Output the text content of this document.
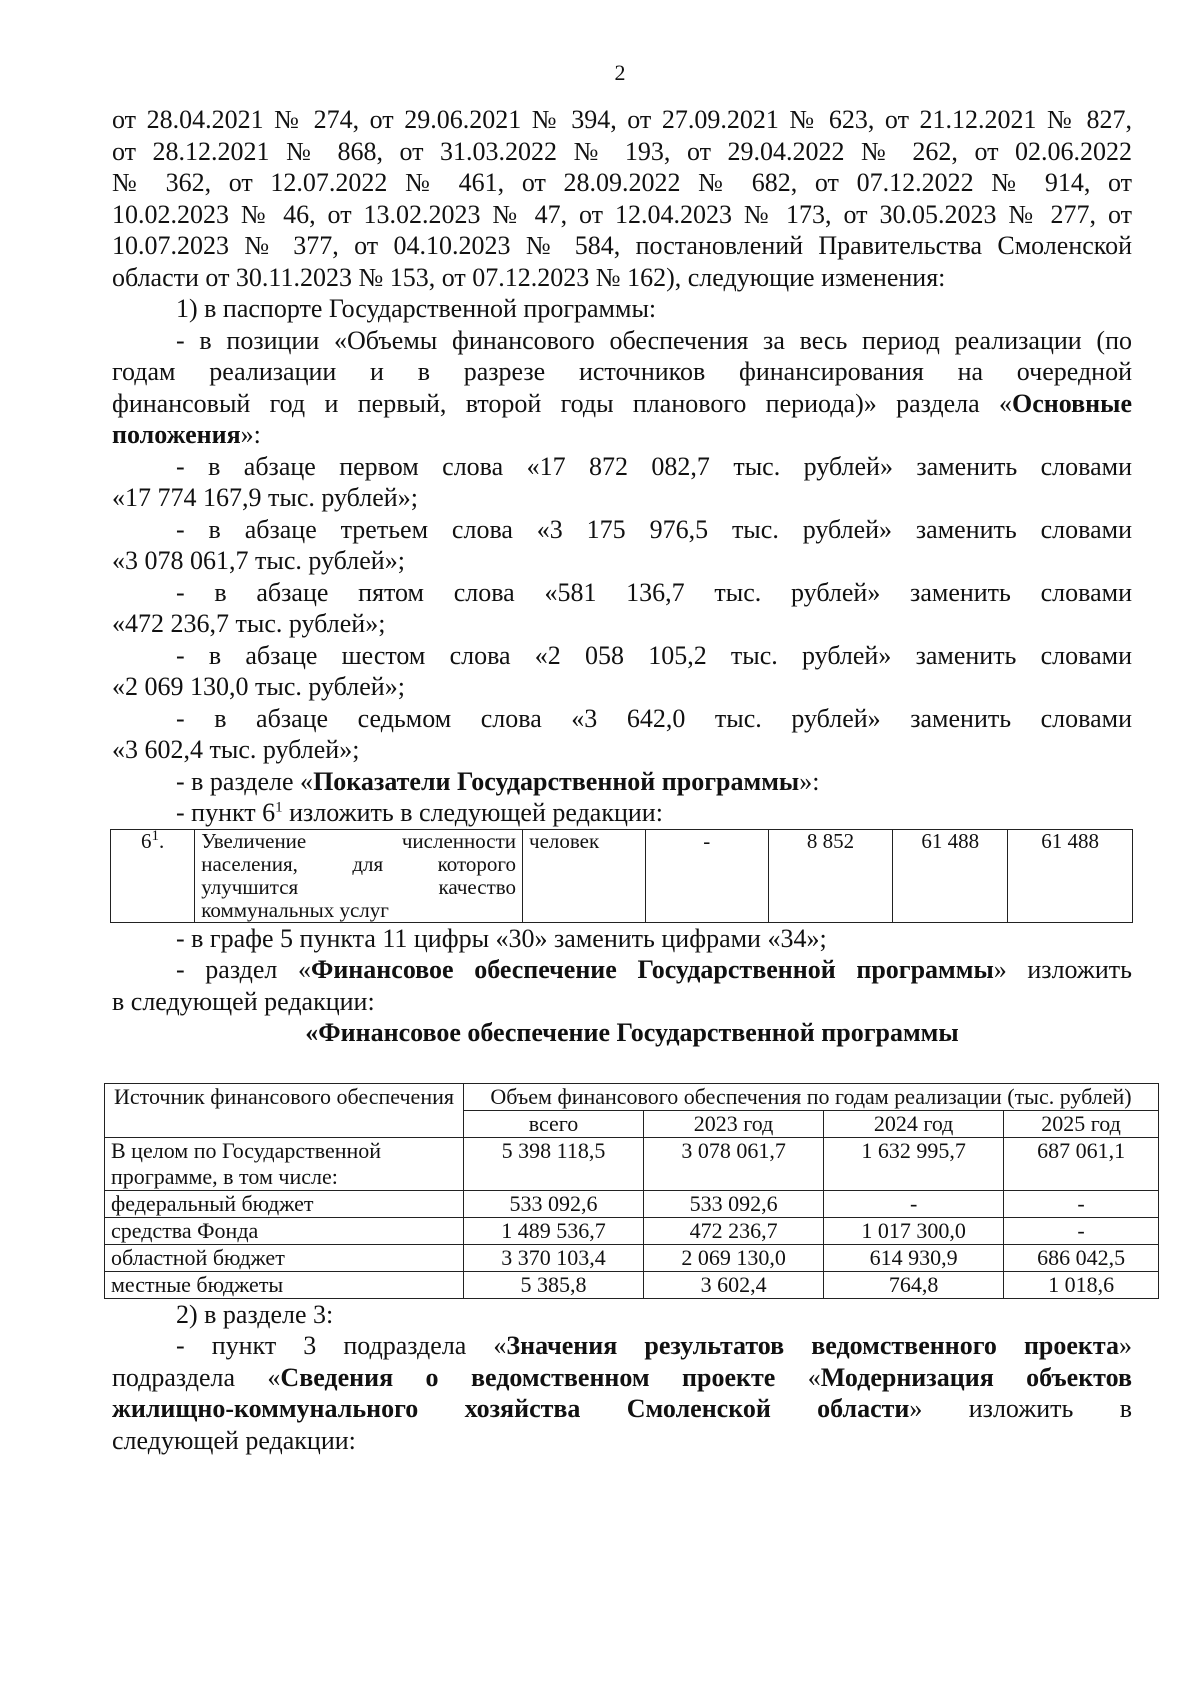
2

от 28.04.2021 № 274, от 29.06.2021 № 394, от 27.09.2021 № 623, от 21.12.2021 № 827,

от 28.12.2021 № 868, от 31.03.2022 № 193, от 29.04.2022 № 262, от 02.06.2022

№ 362, от 12.07.2022 № 461, от 28.09.2022 № 682, от 07.12.2022 № 914, от

10.02.2023 № 46, от 13.02.2023 № 47, от 12.04.2023 № 173, от 30.05.2023 № 277, от

10.07.2023 № 377, от 04.10.2023 № 584, постановлений Правительства Смоленской

области от 30.11.2023 № 153, от 07.12.2023 № 162), следующие изменения:

1) в паспорте Государственной программы:

- в позиции «Объемы финансового обеспечения за весь период реализации (по

годам реализации и в разрезе источников финансирования на очередной

финансовый год и первый, второй годы планового периода)» раздела «Основные

положения»:

- в абзаце первом слова «17 872 082,7 тыс. рублей» заменить словами

«17 774 167,9 тыс. рублей»;

- в абзаце третьем слова «3 175 976,5 тыс. рублей» заменить словами

«3 078 061,7 тыс. рублей»;

- в абзаце пятом слова «581 136,7 тыс. рублей» заменить словами

«472 236,7 тыс. рублей»;

- в абзаце шестом слова «2 058 105,2 тыс. рублей» заменить словами

«2 069 130,0 тыс. рублей»;

- в абзаце седьмом слова «3 642,0 тыс. рублей» заменить словами

«3 602,4 тыс. рублей»;

- в разделе «Показатели Государственной программы»:

- пункт $6^1$ изложить в следующей редакции:

$6^1$.	Увеличение численности
населения, для которого
улучшится качество
коммунальных услуг
	человек	-	8 852	61 488	61 488

- в графе 5 пункта 11 цифры «30» заменить цифрами «34»;

- раздел «Финансовое обеспечение Государственной программы» изложить

в следующей редакции:

«Финансовое обеспечение Государственной программы

Источник финансового обеспечения	Объем финансового обеспечения по годам реализации (тыс. рублей)			
	всего	2023 год	2024 год	2025 год
В целом по Государственной программе, в том числе:	5 398 118,5	3 078 061,7	1 632 995,7	687 061,1
федеральный бюджет	533 092,6	533 092,6	-	-
средства Фонда	1 489 536,7	472 236,7	1 017 300,0	-
областной бюджет	3 370 103,4	2 069 130,0	614 930,9	686 042,5
местные бюджеты	5 385,8	3 602,4	764,8	1 018,6

2) в разделе 3:

- пункт 3 подраздела «Значения результатов ведомственного проекта»

подраздела «Сведения о ведомственном проекте «Модернизация объектов

жилищно-коммунального хозяйства Смоленской области» изложить в

следующей редакции:
